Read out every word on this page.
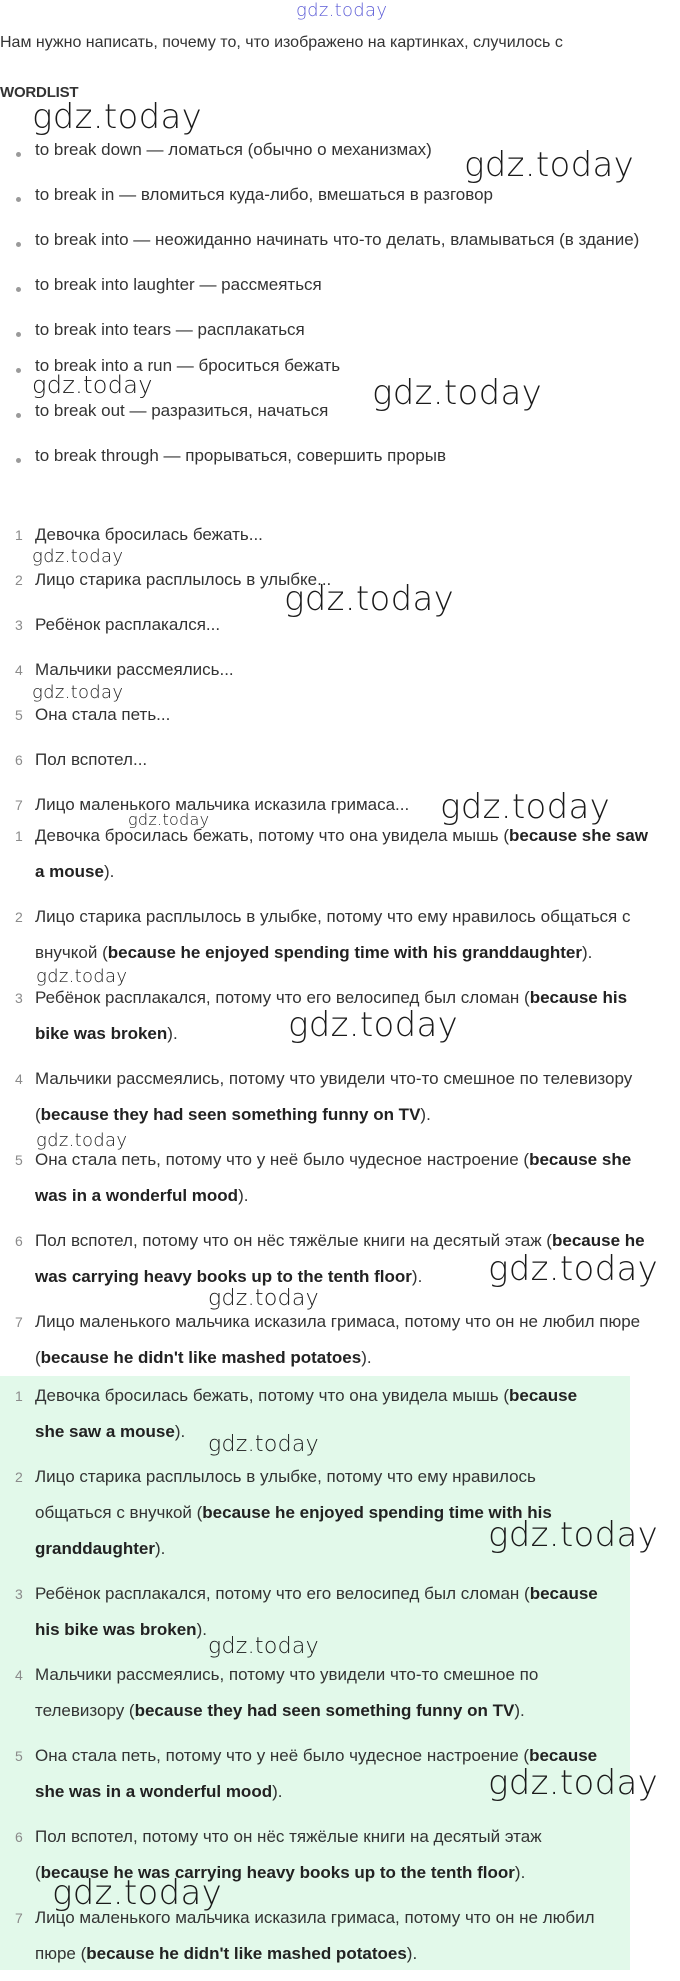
gdz.today
gdz.today
gdz.today
gdz.today	gdz.today
gdz.today
gdz.today
gdz.today
gdz.today	gdz.today
gdz.today
gdz.today
gdz.today
gdz.today
gdz.today
Нам нужно написать, почему то, что изображено на картинках, случилось с
WORDLIST
to break down — ломаться (обычно о механизмах)
to break in — вломиться куда-либо, вмешаться в разговор
to break into — неожиданно начинать что-то делать, вламываться (в здание)
to break into laughter — рассмеяться
to break into tears — расплакаться
to break into a run — броситься бежать
to break out — разразиться, начаться
to break through — прорываться, совершить прорыв
1 Девочка бросилась бежать...
2 Лицо старика расплылось в улыбке...
3 Ребёнок расплакался...
4 Мальчики рассмеялись...
5 Она стала петь...
6 Пол вспотел...
7 Лицо маленького мальчика исказила гримаса...
1 Девочка бросилась бежать, потому что она увидела мышь (because she saw a mouse).
2 Лицо старика расплылось в улыбке, потому что ему нравилось общаться с внучкой (because he enjoyed spending time with his granddaughter).
3 Ребёнок расплакался, потому что его велосипед был сломан (because his bike was broken).
4 Мальчики рассмеялись, потому что увидели что-то смешное по телевизору (because they had seen something funny on TV).
5 Она стала петь, потому что у неё было чудесное настроение (because she was in a wonderful mood).
6 Пол вспотел, потому что он нёс тяжёлые книги на десятый этаж (because he was carrying heavy books up to the tenth floor).
7 Лицо маленького мальчика исказила гримаса, потому что он не любил пюре (because he didn't like mashed potatoes).
1 Девочка бросилась бежать, потому что она увидела мышь (because she saw a mouse).
2 Лицо старика расплылось в улыбке, потому что ему нравилось общаться с внучкой (because he enjoyed spending time with his granddaughter).
3 Ребёнок расплакался, потому что его велосипед был сломан (because his bike was broken).
4 Мальчики рассмеялись, потому что увидели что-то смешное по телевизору (because they had seen something funny on TV).
5 Она стала петь, потому что у неё было чудесное настроение (because she was in a wonderful mood).
6 Пол вспотел, потому что он нёс тяжёлые книги на десятый этаж (because he was carrying heavy books up to the tenth floor).
7 Лицо маленького мальчика исказила гримаса, потому что он не любил пюре (because he didn't like mashed potatoes).
gdz.today
gdz.today
gdz.today
gdz.today
gdz.today
